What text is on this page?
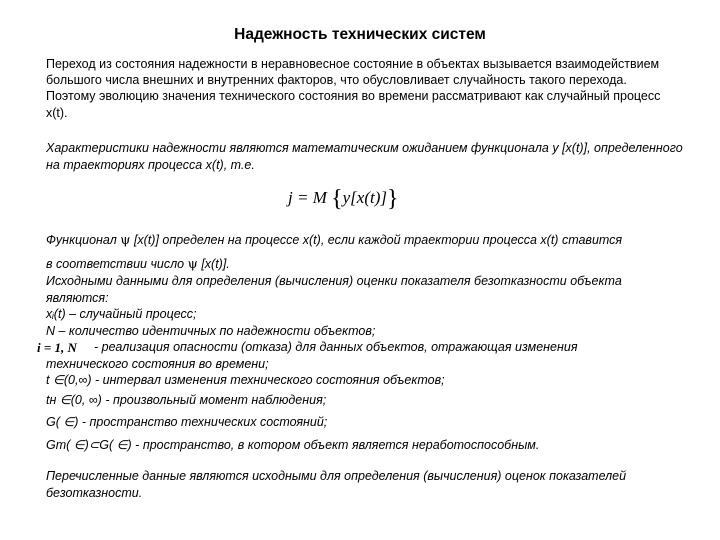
Надежность технических систем
Переход из состояния надежности в неравновесное состояние в объектах вызывается взаимодействием большого числа внешних и внутренних факторов, что обусловливает случайность такого перехода. Поэтому эволюцию значения технического состояния во времени рассматривают как случайный процесс x(t).
Характеристики надежности являются математическим ожиданием функционала y [x(t)], определенного на траекториях процесса x(t), т.е.
j = M {y[x(t)]}
Функционал ψ [x(t)] определен на процессе x(t), если каждой траектории процесса x(t) ставится
в соответствии число ψ [x(t)].
Исходными данными для определения (вычисления) оценки показателя безотказности объекта
являются:
xᵢ(t) – случайный процесс;
N – количество идентичных по надежности объектов;
- реализация опасности (отказа) для данных объектов, отражающая изменения
технического состояния во времени;
t ∈(0,∞) - интервал изменения технического состояния объектов;
tн ∈(0, ∞) - произвольный момент наблюдения;
G( ∈) - пространство технических состояний;
Gт( ∈)⊂G( ∈) - пространство, в котором объект является неработоспособным.
i = 1, N
Перечисленные данные являются исходными для определения (вычисления) оценок показателей безотказности.
